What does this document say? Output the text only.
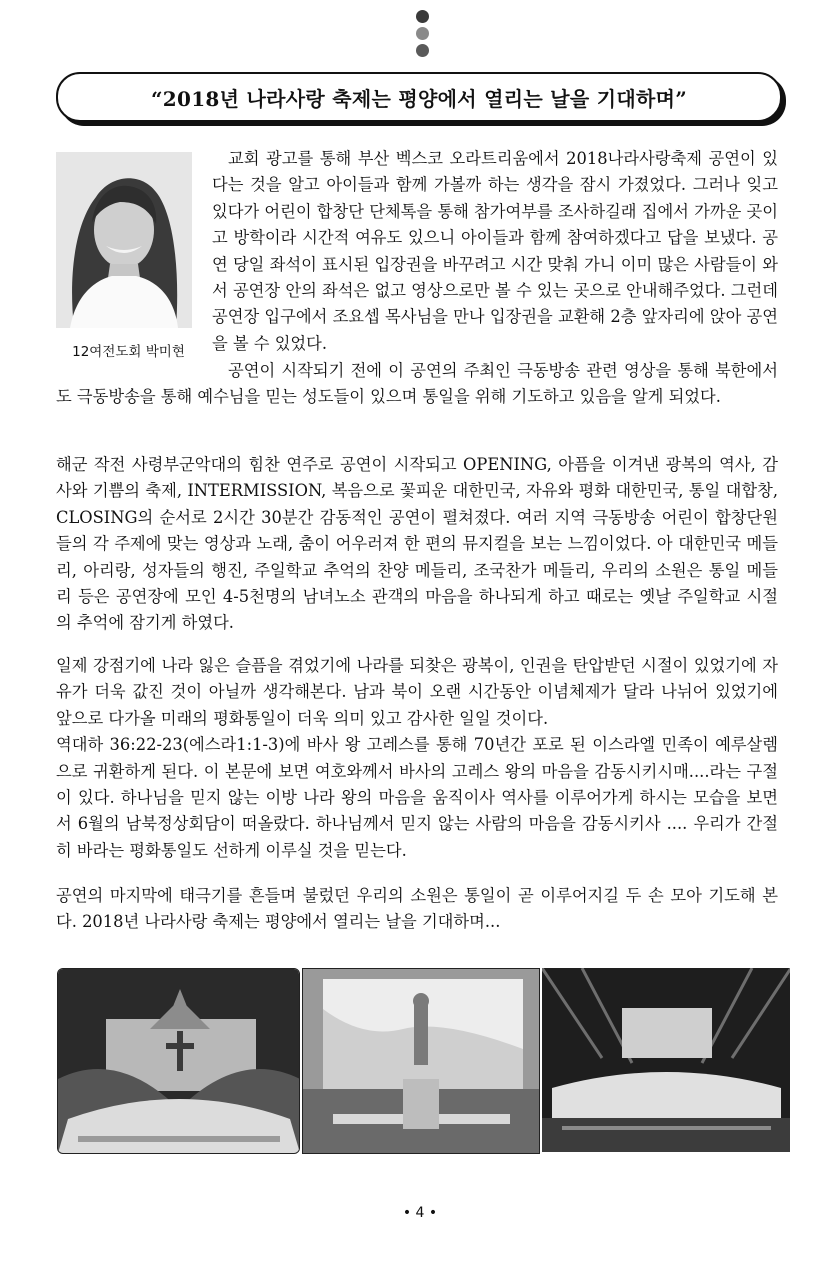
“2018년 나라사랑 축제는 평양에서 열리는 날을 기대하며”
12여전도회 박미현

교회 광고를 통해 부산 벡스코 오라트리움에서 2018나라사랑축제 공연이 있다는 것을 알고 아이들과 함께 가볼까 하는 생각을 잠시 가졌었다. 그러나 잊고 있다가 어린이 합창단 단체톡을 통해 참가여부를 조사하길래 집에서 가까운 곳이고 방학이라 시간적 여유도 있으니 아이들과 함께 참여하겠다고 답을 보냈다. 공연 당일 좌석이 표시된 입장권을 바꾸려고 시간 맞춰 가니 이미 많은 사람들이 와서 공연장 안의 좌석은 없고 영상으로만 볼 수 있는 곳으로 안내해주었다. 그런데 공연장 입구에서 조요셉 목사님을 만나 입장권을 교환해 2층 앞자리에 앉아 공연을 볼 수 있었다.

공연이 시작되기 전에 이 공연의 주최인 극동방송 관련 영상을 통해 북한에서도 극동방송을 통해 예수님을 믿는 성도들이 있으며 통일을 위해 기도하고 있음을 알게 되었다.

해군 작전 사령부군악대의 힘찬 연주로 공연이 시작되고 OPENING, 아픔을 이겨낸 광복의 역사, 감사와 기쁨의 축제, INTERMISSION, 복음으로 꽃피운 대한민국, 자유와 평화 대한민국, 통일 대합창, CLOSING의 순서로 2시간 30분간 감동적인 공연이 펼쳐졌다. 여러 지역 극동방송 어린이 합창단원들의 각 주제에 맞는 영상과 노래, 춤이 어우러져 한 편의 뮤지컬을 보는 느낌이었다. 아 대한민국 메들리, 아리랑, 성자들의 행진, 주일학교 추억의 찬양 메들리, 조국찬가 메들리, 우리의 소원은 통일 메들리 등은 공연장에 모인 4-5천명의 남녀노소 관객의 마음을 하나되게 하고 때로는 옛날 주일학교 시절의 추억에 잠기게 하였다.

일제 강점기에 나라 잃은 슬픔을 겪었기에 나라를 되찾은 광복이, 인권을 탄압받던 시절이 있었기에 자유가 더욱 값진 것이 아닐까 생각해본다. 남과 북이 오랜 시간동안 이념체제가 달라 나뉘어 있었기에 앞으로 다가올 미래의 평화통일이 더욱 의미 있고 감사한 일일 것이다.
역대하 36:22-23(에스라1:1-3)에 바사 왕 고레스를 통해 70년간 포로 된 이스라엘 민족이 예루살렘으로 귀환하게 된다. 이 본문에 보면 여호와께서 바사의 고레스 왕의 마음을 감동시키시매....라는 구절이 있다. 하나님을 믿지 않는 이방 나라 왕의 마음을 움직이사 역사를 이루어가게 하시는 모습을 보면서 6월의 남북정상회담이 떠올랐다. 하나님께서 믿지 않는 사람의 마음을 감동시키사 .... 우리가 간절히 바라는 평화통일도 선하게 이루실 것을 믿는다.

공연의 마지막에 태극기를 흔들며 불렀던 우리의 소원은 통일이 곧 이루어지길 두 손 모아 기도해 본다. 2018년 나라사랑 축제는 평양에서 열리는 날을 기대하며...

• 4 •
